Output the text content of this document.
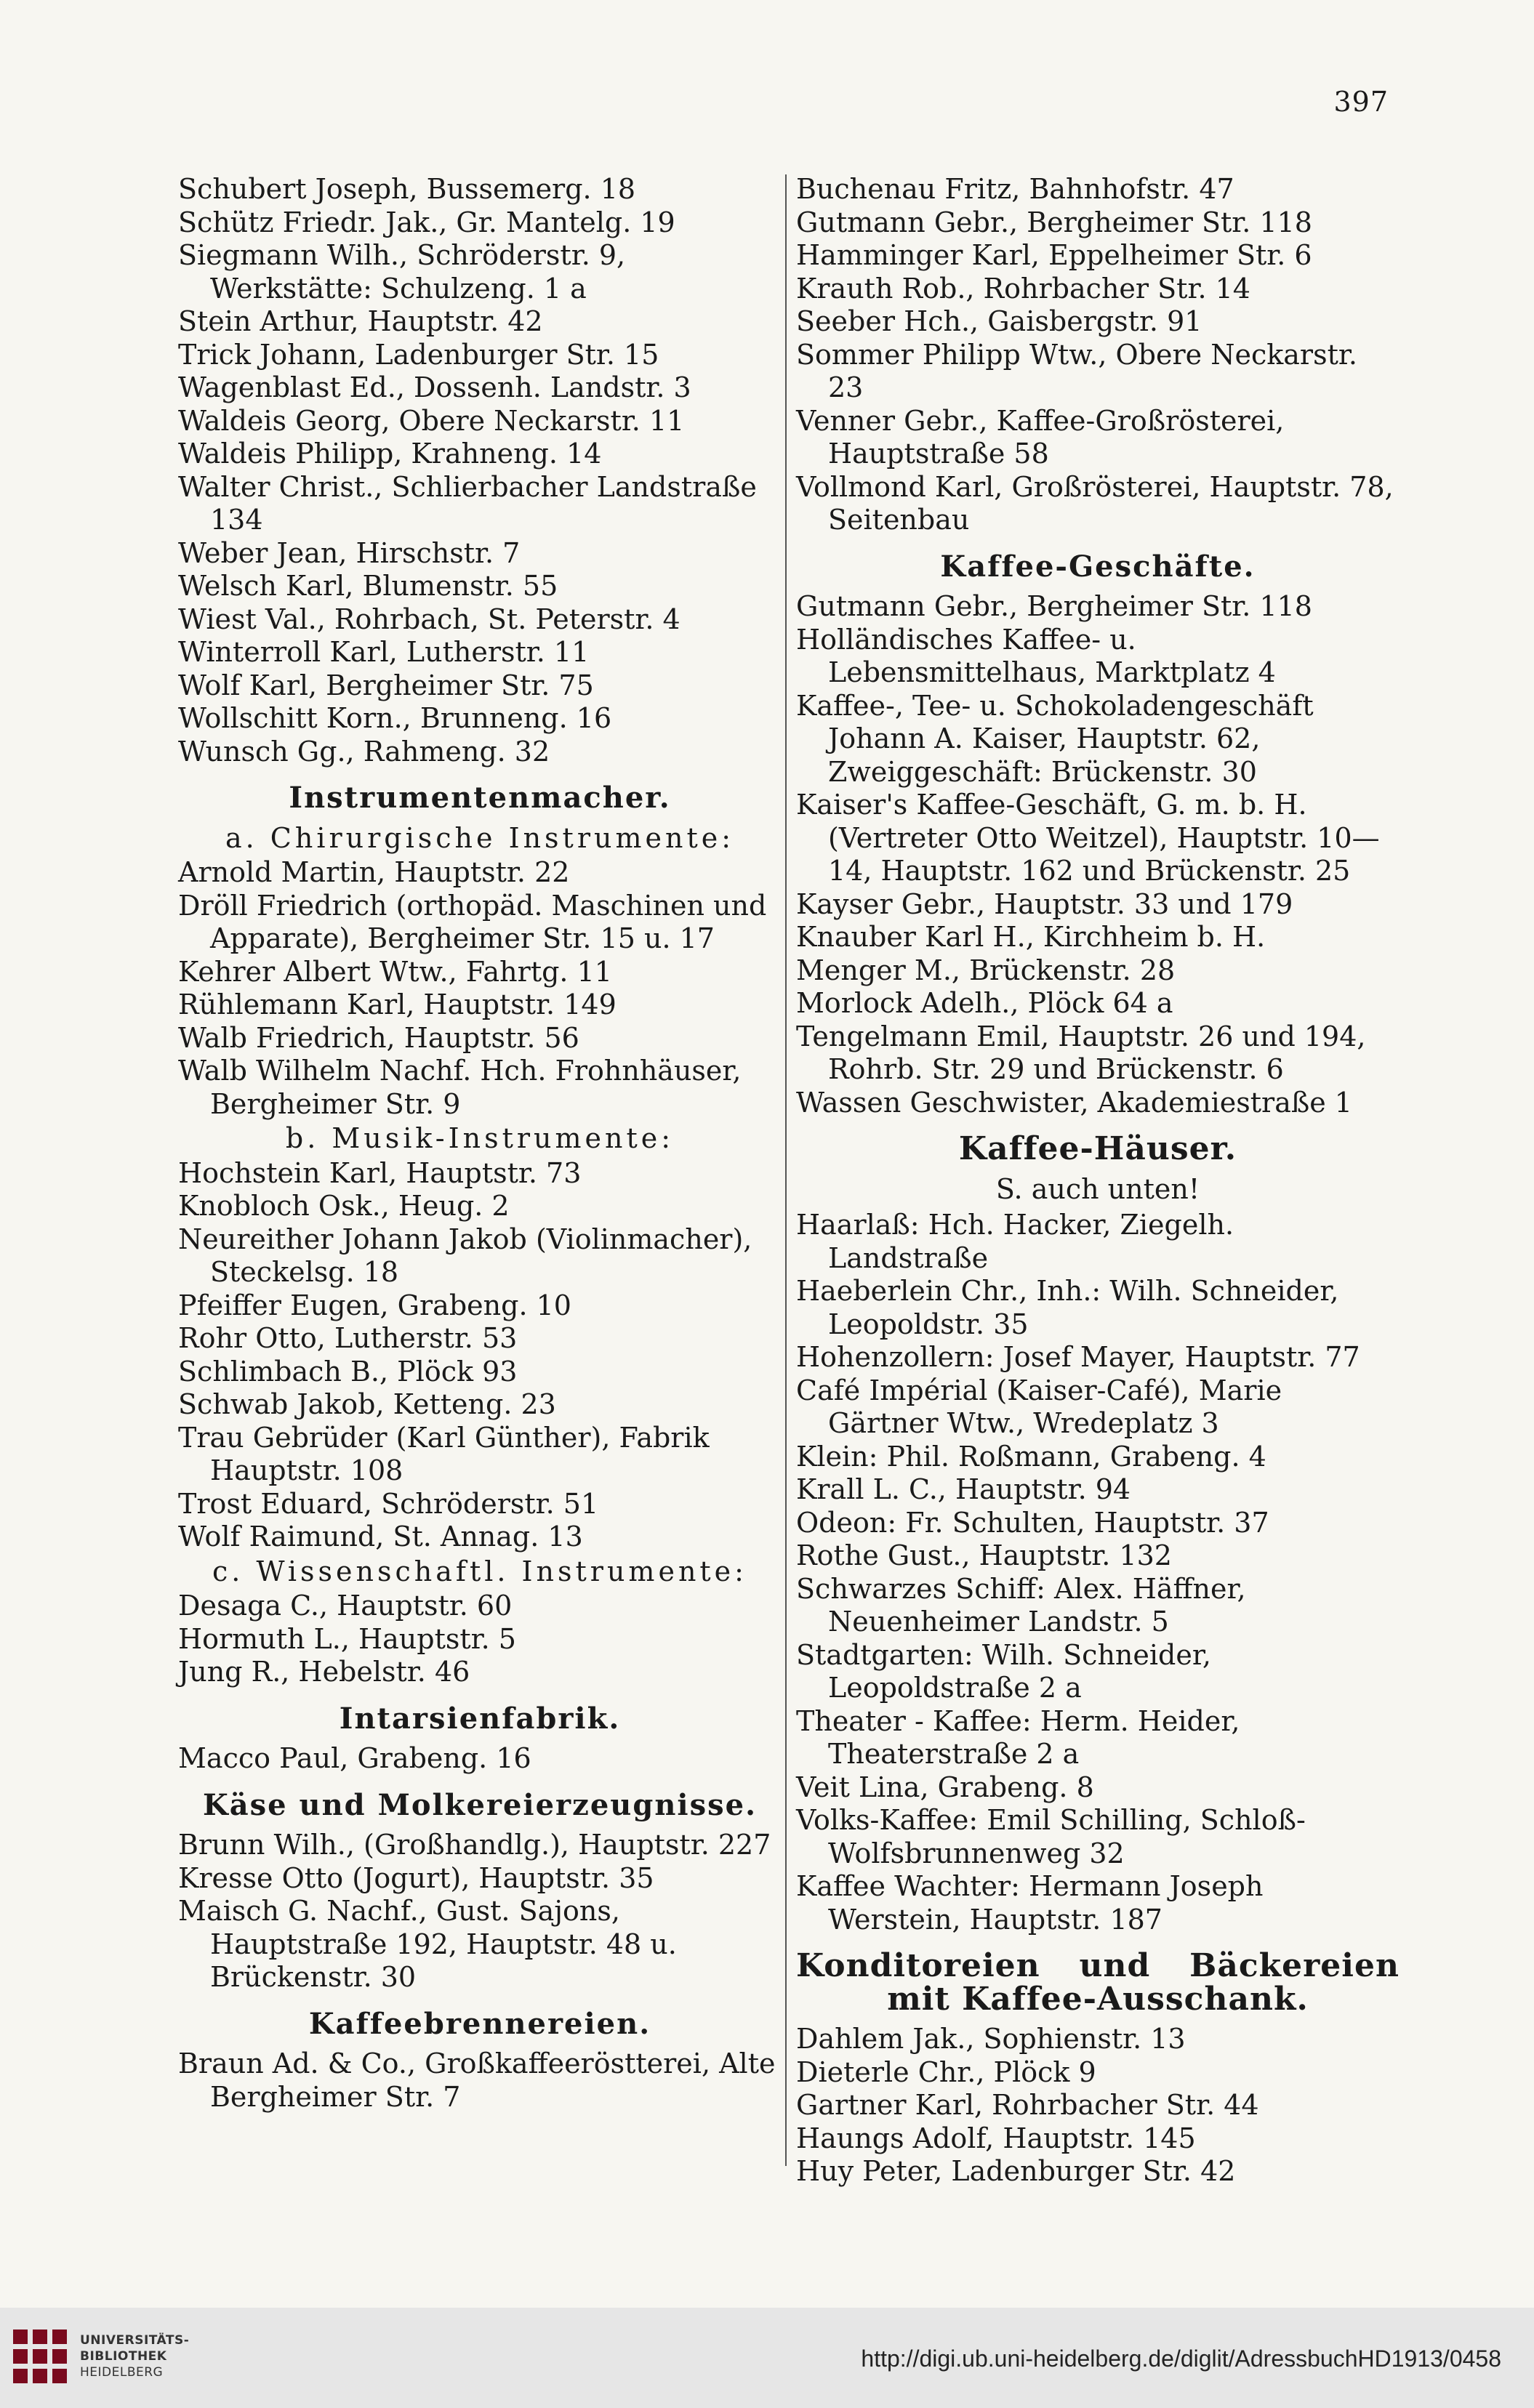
397

Schubert Joseph, Bussemerg. 18

Schütz Friedr. Jak., Gr. Mantelg. 19

Siegmann Wilh., Schröderstr. 9, Werkstätte: Schulzeng. 1 a

Stein Arthur, Hauptstr. 42

Trick Johann, Ladenburger Str. 15

Wagenblast Ed., Dossenh. Landstr. 3

Waldeis Georg, Obere Neckarstr. 11

Waldeis Philipp, Krahneng. 14

Walter Christ., Schlierbacher Landstraße 134

Weber Jean, Hirschstr. 7

Welsch Karl, Blumenstr. 55

Wiest Val., Rohrbach, St. Peterstr. 4

Winterroll Karl, Lutherstr. 11

Wolf Karl, Bergheimer Str. 75

Wollschitt Korn., Brunneng. 16

Wunsch Gg., Rahmeng. 32

Instrumentenmacher.

a. Chirurgische Instrumente:

Arnold Martin, Hauptstr. 22

Dröll Friedrich (orthopäd. Maschinen und Apparate), Bergheimer Str. 15 u. 17

Kehrer Albert Wtw., Fahrtg. 11

Rühlemann Karl, Hauptstr. 149

Walb Friedrich, Hauptstr. 56

Walb Wilhelm Nachf. Hch. Frohnhäuser, Bergheimer Str. 9

b. Musik-Instrumente:

Hochstein Karl, Hauptstr. 73

Knobloch Osk., Heug. 2

Neureither Johann Jakob (Violinmacher), Steckelsg. 18

Pfeiffer Eugen, Grabeng. 10

Rohr Otto, Lutherstr. 53

Schlimbach B., Plöck 93

Schwab Jakob, Ketteng. 23

Trau Gebrüder (Karl Günther), Fabrik Hauptstr. 108

Trost Eduard, Schröderstr. 51

Wolf Raimund, St. Annag. 13

c. Wissenschaftl. Instrumente:

Desaga C., Hauptstr. 60

Hormuth L., Hauptstr. 5

Jung R., Hebelstr. 46

Intarsienfabrik.

Macco Paul, Grabeng. 16

Käse und Molkereierzeugnisse.

Brunn Wilh., (Großhandlg.), Hauptstr. 227

Kresse Otto (Jogurt), Hauptstr. 35

Maisch G. Nachf., Gust. Sajons, Hauptstraße 192, Hauptstr. 48 u. Brückenstr. 30

Kaffeebrennereien.

Braun Ad. & Co., Großkaffeeröstterei, Alte Bergheimer Str. 7

Buchenau Fritz, Bahnhofstr. 47

Gutmann Gebr., Bergheimer Str. 118

Hamminger Karl, Eppelheimer Str. 6

Krauth Rob., Rohrbacher Str. 14

Seeber Hch., Gaisbergstr. 91

Sommer Philipp Wtw., Obere Neckarstr. 23

Venner Gebr., Kaffee-Großrösterei, Hauptstraße 58

Vollmond Karl, Großrösterei, Hauptstr. 78, Seitenbau

Kaffee-Geschäfte.

Gutmann Gebr., Bergheimer Str. 118

Holländisches Kaffee- u. Lebensmittelhaus, Marktplatz 4

Kaffee-, Tee- u. Schokoladengeschäft Johann A. Kaiser, Hauptstr. 62, Zweiggeschäft: Brückenstr. 30

Kaiser's Kaffee-Geschäft, G. m. b. H. (Vertreter Otto Weitzel), Hauptstr. 10—14, Hauptstr. 162 und Brückenstr. 25

Kayser Gebr., Hauptstr. 33 und 179

Knauber Karl H., Kirchheim b. H.

Menger M., Brückenstr. 28

Morlock Adelh., Plöck 64 a

Tengelmann Emil, Hauptstr. 26 und 194, Rohrb. Str. 29 und Brückenstr. 6

Wassen Geschwister, Akademiestraße 1

Kaffee-Häuser.

S. auch unten!

Haarlaß: Hch. Hacker, Ziegelh. Landstraße

Haeberlein Chr., Inh.: Wilh. Schneider, Leopoldstr. 35

Hohenzollern: Josef Mayer, Hauptstr. 77

Café Impérial (Kaiser-Café), Marie Gärtner Wtw., Wredeplatz 3

Klein: Phil. Roßmann, Grabeng. 4

Krall L. C., Hauptstr. 94

Odeon: Fr. Schulten, Hauptstr. 37

Rothe Gust., Hauptstr. 132

Schwarzes Schiff: Alex. Häffner, Neuenheimer Landstr. 5

Stadtgarten: Wilh. Schneider, Leopoldstraße 2 a

Theater - Kaffee: Herm. Heider, Theaterstraße 2 a

Veit Lina, Grabeng. 8

Volks-Kaffee: Emil Schilling, Schloß-Wolfsbrunnenweg 32

Kaffee Wachter: Hermann Joseph Werstein, Hauptstr. 187

Konditoreien und Bäckereien mit Kaffee-Ausschank.

Dahlem Jak., Sophienstr. 13

Dieterle Chr., Plöck 9

Gartner Karl, Rohrbacher Str. 44

Haungs Adolf, Hauptstr. 145

Huy Peter, Ladenburger Str. 42

UNIVERSITÄTS-
BIBLIOTHEK
HEIDELBERG
http://digi.ub.uni-heidelberg.de/diglit/AdressbuchHD1913/0458
